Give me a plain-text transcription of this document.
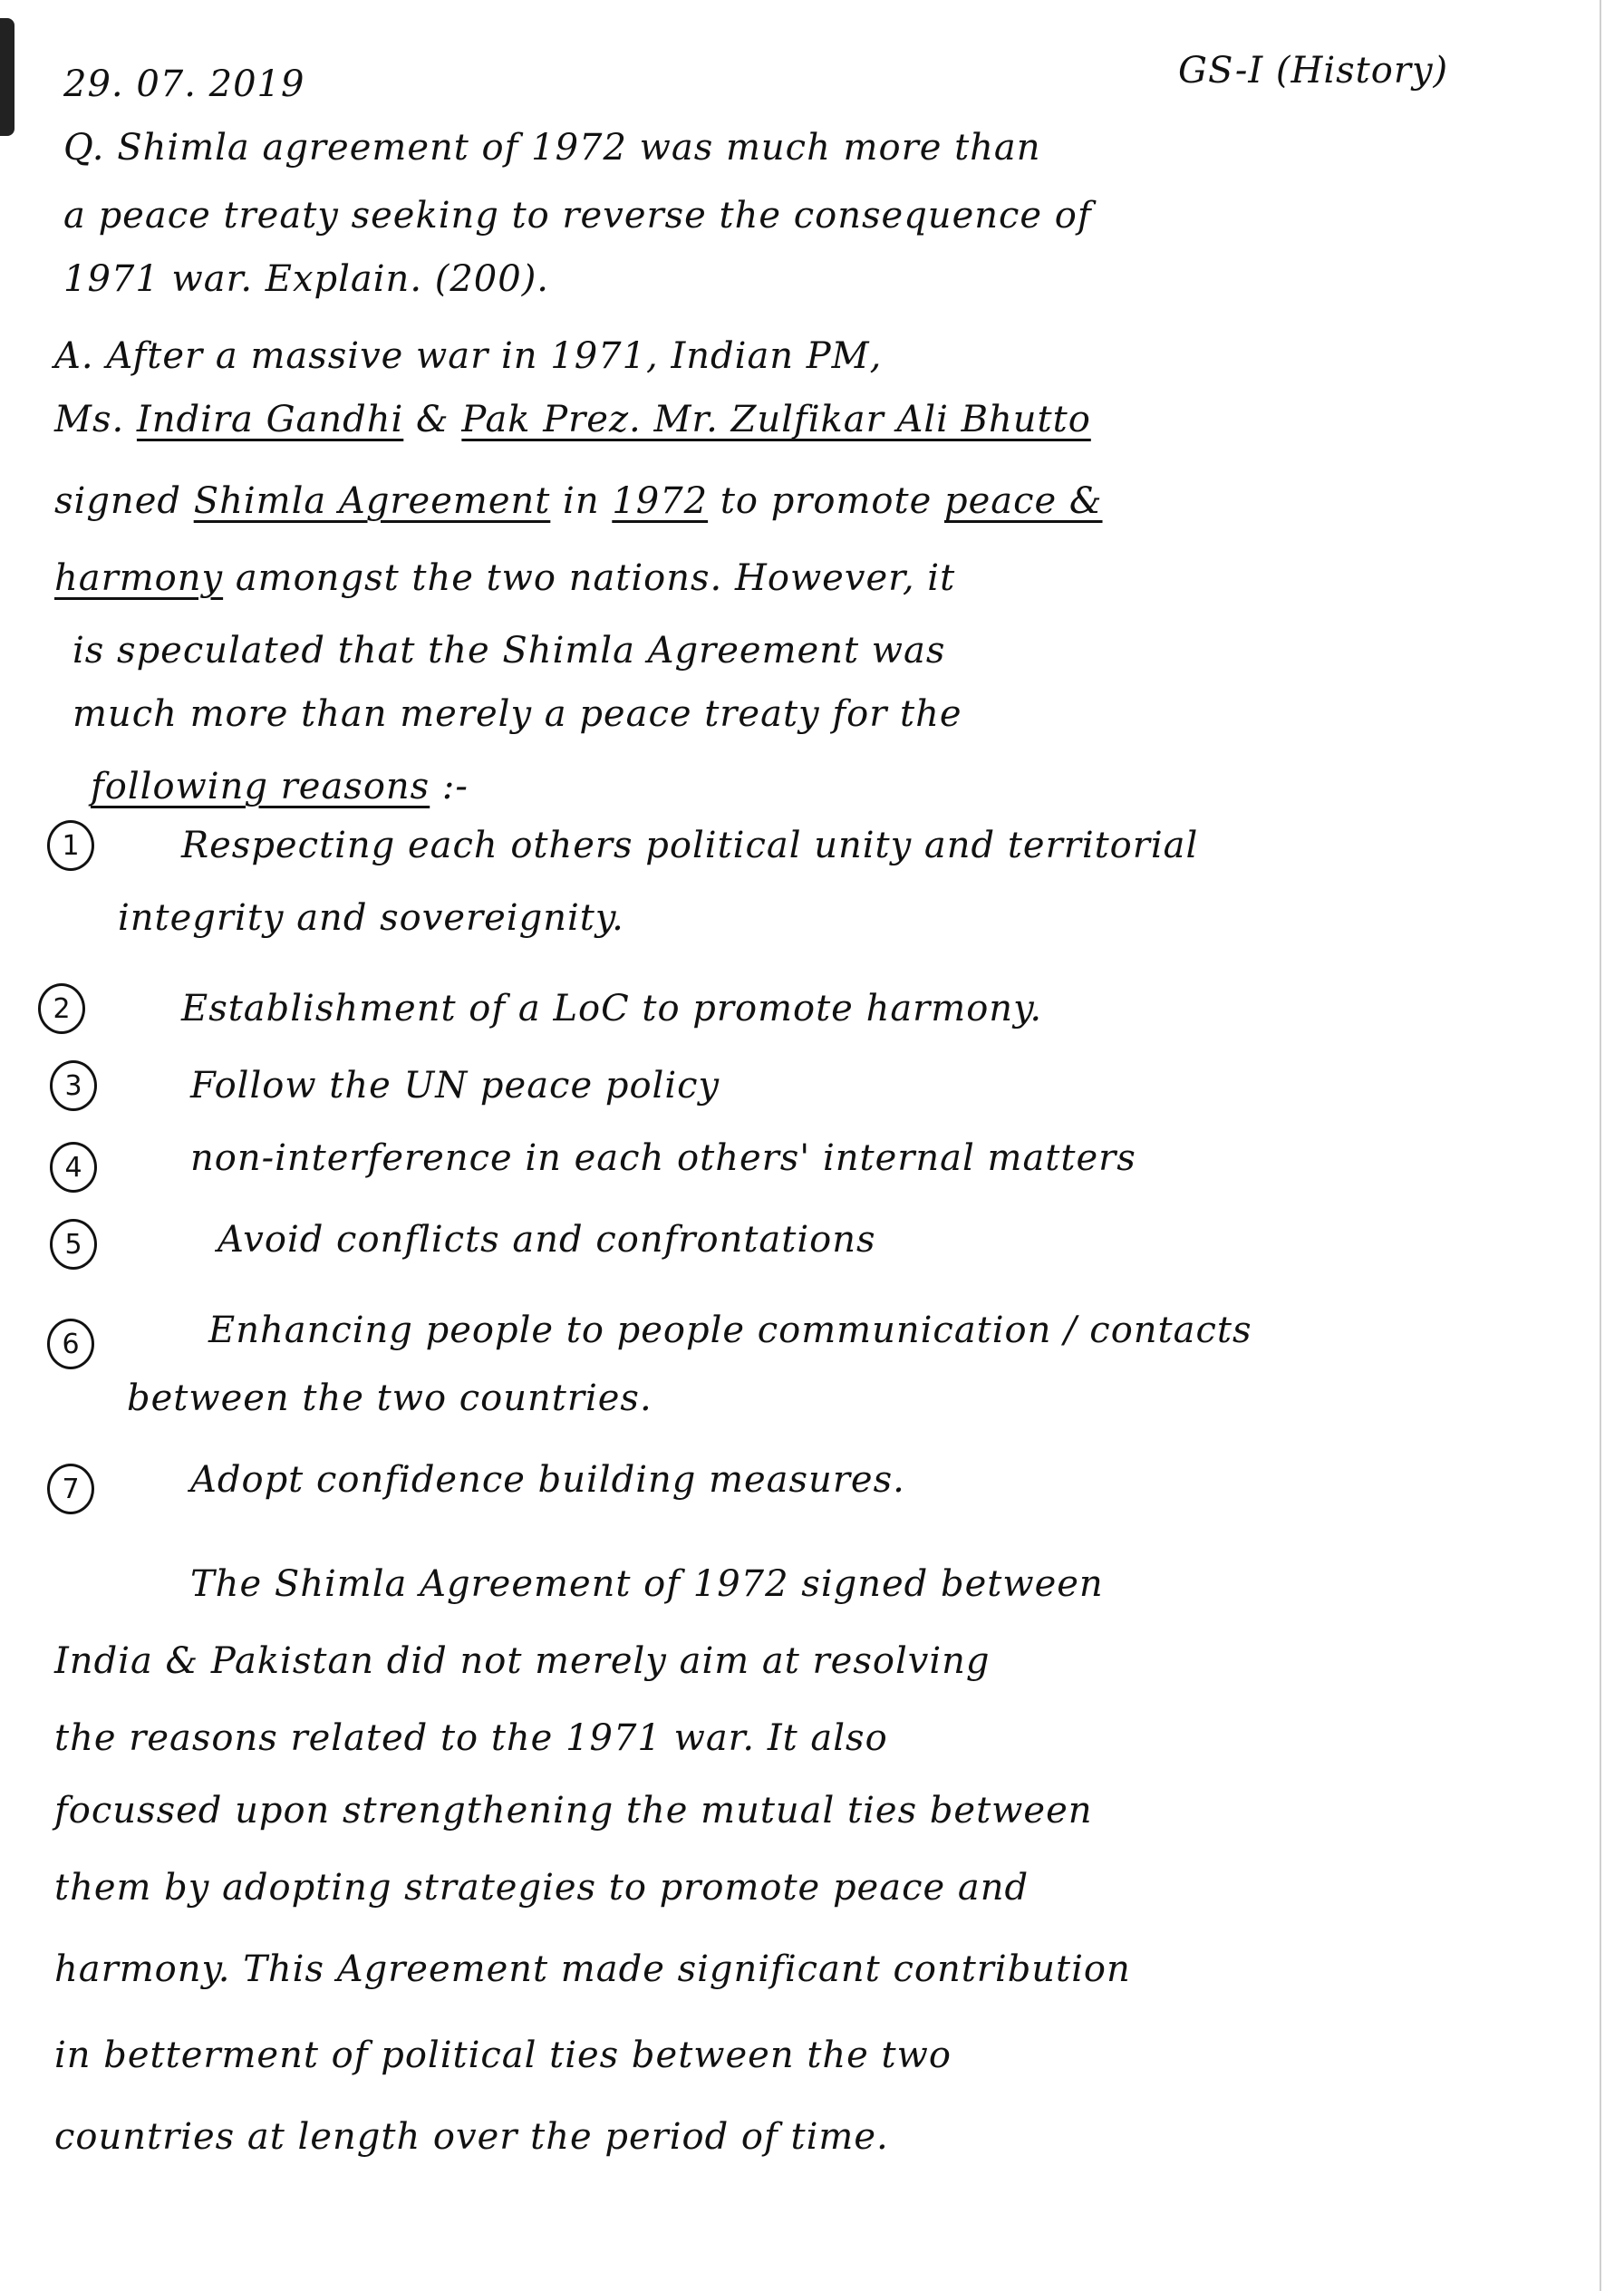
29. 07. 2019	GS-I (History)
Q. Shimla agreement of 1972 was much more than
a peace treaty seeking to reverse the consequence of
1971 war. Explain. (200).
A. After a massive war in 1971, Indian PM,
Ms. Indira Gandhi & Pak Prez. Mr. Zulfikar Ali Bhutto
signed Shimla Agreement in 1972 to promote peace &
harmony amongst the two nations. However, it
is speculated that the Shimla Agreement was
much more than merely a peace treaty for the
following reasons :-
1	Respecting each others political unity and territorial
integrity and sovereignity.
2	Establishment of a LoC to promote harmony.
3	Follow the UN peace policy
4	non-interference in each others' internal matters
5	Avoid conflicts and confrontations
6	Enhancing people to people communication / contacts
between the two countries.
7	Adopt confidence building measures.
The Shimla Agreement of 1972 signed between
India & Pakistan did not merely aim at resolving
the reasons related to the 1971 war. It also
focussed upon strengthening the mutual ties between
them by adopting strategies to promote peace and
harmony. This Agreement made significant contribution
in betterment of political ties between the two
countries at length over the period of time.
